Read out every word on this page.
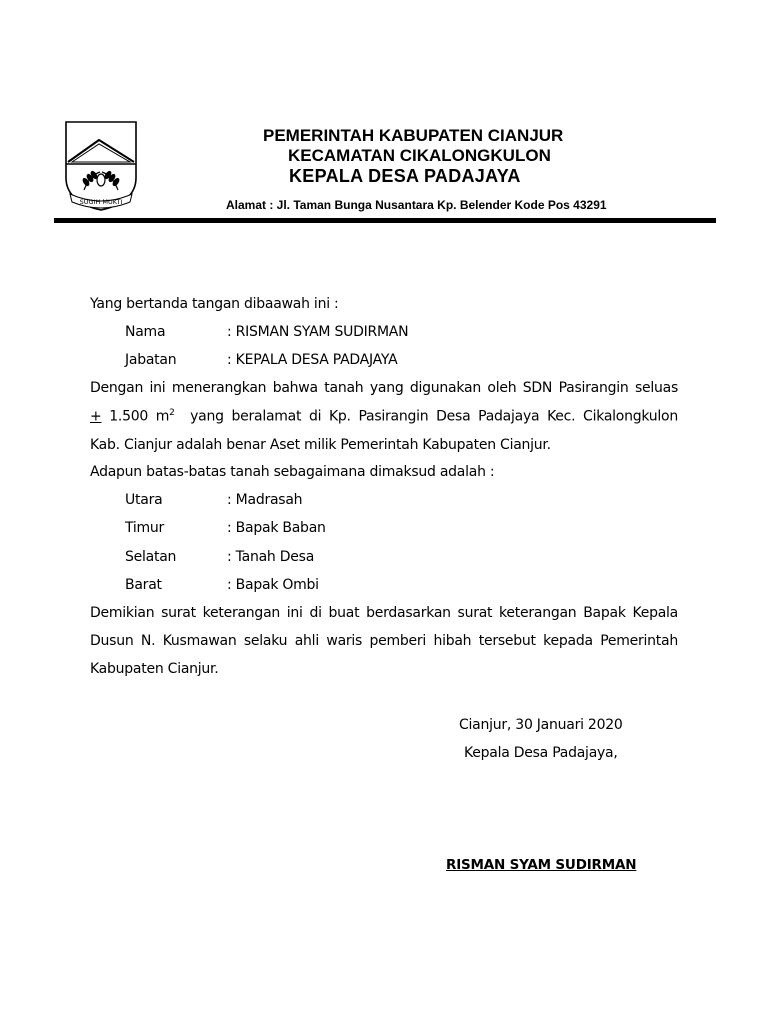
SUGIH MUKTI
PEMERINTAH KABUPATEN CIANJUR
KECAMATAN CIKALONGKULON
KEPALA DESA PADAJAYA
Alamat : Jl. Taman Bunga Nusantara Kp. Belender Kode Pos 43291
Yang bertanda tangan dibaawah ini :
Nama	: RISMAN SYAM SUDIRMAN
Jabatan	: KEPALA DESA PADAJAYA
Dengan ini menerangkan bahwa tanah yang digunakan oleh SDN Pasirangin seluas
+ 1.500 $m^2$ yang beralamat di Kp. Pasirangin Desa Padajaya Kec. Cikalongkulon
Kab. Cianjur adalah benar Aset milik Pemerintah Kabupaten Cianjur.
Adapun batas-batas tanah sebagaimana dimaksud adalah :
Utara	: Madrasah
Timur	: Bapak Baban
Selatan	: Tanah Desa
Barat	: Bapak Ombi
Demikian surat keterangan ini di buat berdasarkan surat keterangan Bapak Kepala
Dusun N. Kusmawan selaku ahli waris pemberi hibah tersebut kepada Pemerintah
Kabupaten Cianjur.
Cianjur, 30 Januari 2020
Kepala Desa Padajaya,
RISMAN SYAM SUDIRMAN
